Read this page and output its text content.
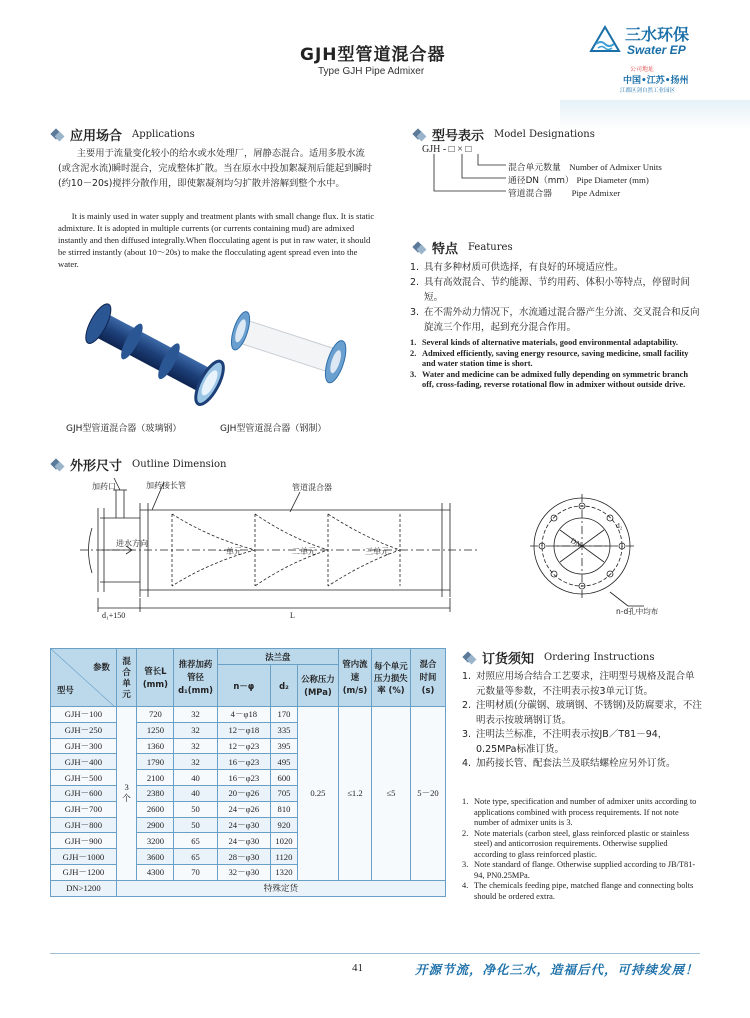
GJH型管道混合器
Type GJH Pipe Admixer
三水环保
Swater EP
公司地址
中国•江苏•扬州
江都区剑自然工业园区
应用场合 Applications
主要用于流量变化较小的给水或水处理厂，屑静态混合。适用多股水流(或含泥水流)瞬时混合，完成整体扩散。当在原水中投加絮凝剂后能起到瞬时(约10－20s)搅拌分散作用，即使絮凝剂均匀扩散并溶解到整个水中。
It is mainly used in water supply and treatment plants with small change flux. It is static admixture. It is adopted in multiple currents (or currents containing mud) are admixed instantly and then diffused integrally.When flocculating agent is put in raw water, it should be stirred instantly (about 10～20s) to make the flocculating agent spread even into the water.
GJH型管道混合器（玻璃钢）	GJH型管道混合器（钢制）
型号表示 Model Designations
GJH - □ × □
混合单元数量 Number of Admixer Units
通径DN（mm） Pipe Diameter (mm)
管道混合器 Pipe Admixer
特点 Features
1. 具有多种材质可供选择，有良好的环境适应性。
2. 具有高效混合、节约能源、节约用药、体积小等特点，停留时间短。
3. 在不需外动力情况下，水流通过混合器产生分流、交叉混合和反向旋流三个作用，起到充分混合作用。
1. Several kinds of alternative materials, good environmental adaptability.
2. Admixed efficiently, saving energy resource, saving medicine, small facility and water station time is short.
3. Water and medicine can be admixed fully depending on symmetric branch off, cross-fading, reverse rotational flow in admixer without outside drive.
外形尺寸 Outline Dimension
加药口	加药接长管	管道混合器
进水方向
一单元	二单元	三单元
d₁+150	L
DN
d₂
n-d孔中均布
参数
型号	混合单元	管长L (mm)	推荐加药管径 d₁(mm)	法兰盘			管内流速 (m/s)	每个单元压力损失率 (%)	混合时间 (s)

				n－φ	d₂	公称压力 (MPa)			

GJH－100	3个	720	32	4－φ18	170	0.25	≤1.2	≤5	5－20
GJH－250		1250	32	12－φ18	335				
GJH－300		1360	32	12－φ23	395				
GJH－400		1790	32	16－φ23	495				
GJH－500		2100	40	16－φ23	600				
GJH－600		2380	40	20－φ26	705				
GJH－700		2600	50	24－φ26	810				
GJH－800		2900	50	24－φ30	920				
GJH－900		3200	65	24－φ30	1020				
GJH－1000		3600	65	28－φ30	1120				
GJH－1200		4300	70	32－φ30	1320				
DN>1200	特殊定货								
订货须知 Ordering Instructions
1. 对照应用场合结合工艺要求，注明型号规格及混合单元数量等参数，不注明表示按3单元订货。
2. 注明材质(分碳钢、玻璃钢、不锈钢)及防腐要求，不注明表示按玻璃钢订货。
3. 注明法兰标准，不注明表示按JB／T81－94，0.25MPa标准订货。
4. 加药接长管、配套法兰及联结螺栓应另外订货。
1. Note type, specification and number of admixer units according to applications combined with process requirements. If not note number of admixer units is 3.
2. Note materials (carbon steel, glass reinforced plastic or stainless steel) and anticorrosion requirements. Otherwise supplied according to glass reinforced plastic.
3. Note standard of flange. Otherwise supplied according to JB/T81-94, PN0.25MPa.
4. The chemicals feeding pipe, matched flange and connecting bolts should be ordered extra.
41	开源节流，净化三水，造福后代，可持续发展！
